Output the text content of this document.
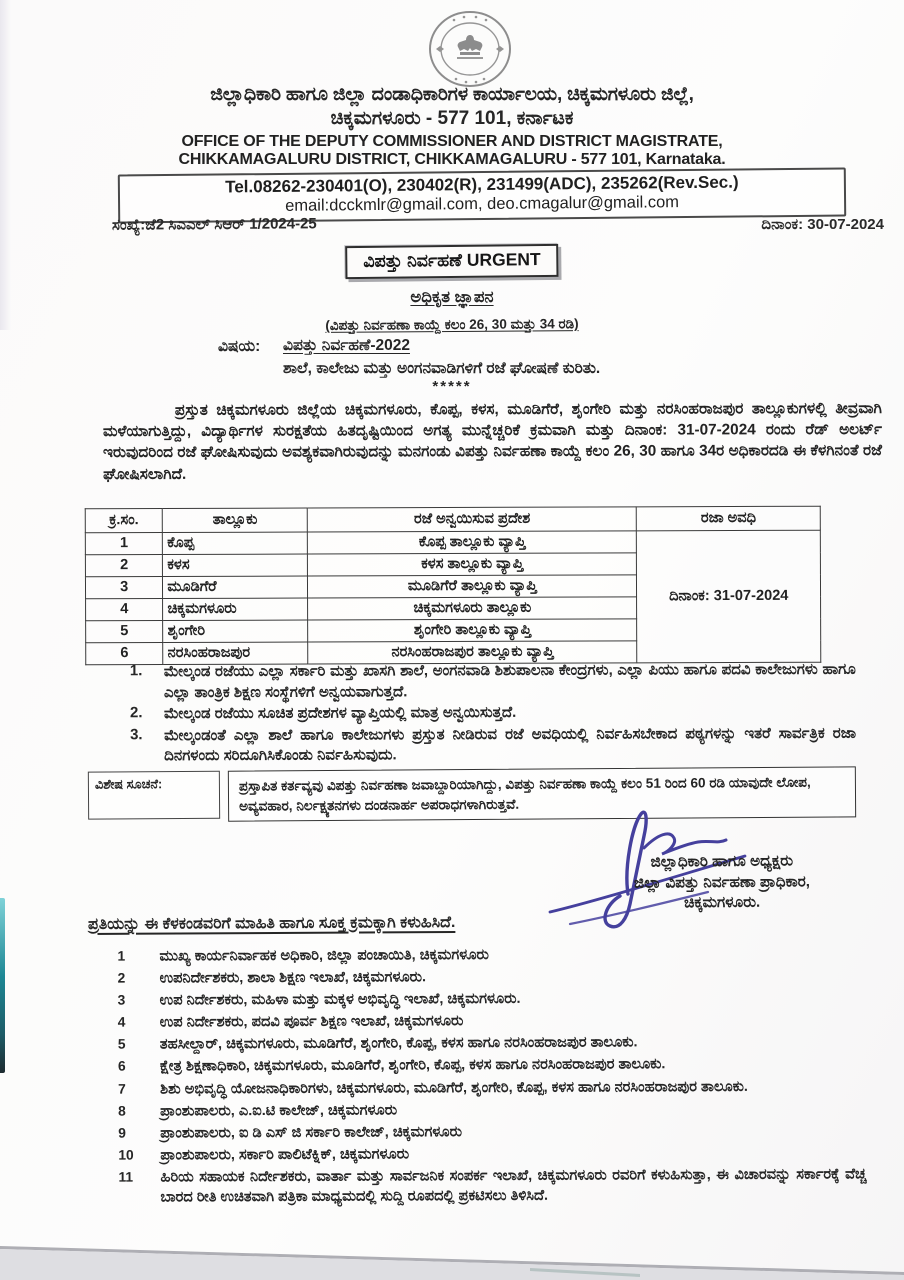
ಜಿಲ್ಲಾಧಿಕಾರಿ ಹಾಗೂ ಜಿಲ್ಲಾ ದಂಡಾಧಿಕಾರಿಗಳ ಕಾರ್ಯಾಲಯ, ಚಿಕ್ಕಮಗಳೂರು ಜಿಲ್ಲೆ,
ಚಿಕ್ಕಮಗಳೂರು - 577 101, ಕರ್ನಾಟಕ
OFFICE OF THE DEPUTY COMMISSIONER AND DISTRICT MAGISTRATE,
CHIKKAMAGALURU DISTRICT, CHIKKAMAGALURU - 577 101, Karnataka.
Tel.08262-230401(O), 230402(R), 231499(ADC), 235262(Rev.Sec.)
email:dcckmlr@gmail.com, deo.cmagalur@gmail.com
ಸಂಖ್ಯೆ:ಜೆ2 ಸಿಎಎಲ್ ಸಿಆರ್ 1/2024-25	ದಿನಾಂಕ: 30-07-2024
ವಿಪತ್ತು ನಿರ್ವಹಣೆ URGENT
ಅಧಿಕೃತ ಜ್ಞಾಪನ
(ವಿಪತ್ತು ನಿರ್ವಹಣಾ ಕಾಯ್ದೆ ಕಲಂ 26, 30 ಮತ್ತು 34 ರಡಿ)
ವಿಷಯ: ವಿಪತ್ತು ನಿರ್ವಹಣೆ-2022
ಶಾಲೆ, ಕಾಲೇಜು ಮತ್ತು ಅಂಗನವಾಡಿಗಳಿಗೆ ರಜೆ ಘೋಷಣೆ ಕುರಿತು.
*****
ಪ್ರಸ್ತುತ ಚಿಕ್ಕಮಗಳೂರು ಜಿಲ್ಲೆಯ ಚಿಕ್ಕಮಗಳೂರು, ಕೊಪ್ಪ, ಕಳಸ, ಮೂಡಿಗೆರೆ, ಶೃಂಗೇರಿ ಮತ್ತು ನರಸಿಂಹರಾಜಪುರ ತಾಲ್ಲೂಕುಗಳಲ್ಲಿ ತೀವ್ರವಾಗಿ ಮಳೆಯಾಗುತ್ತಿದ್ದು, ವಿದ್ಯಾರ್ಥಿಗಳ ಸುರಕ್ಷತೆಯ ಹಿತದೃಷ್ಟಿಯಿಂದ ಅಗತ್ಯ ಮುನ್ನೆಚ್ಚರಿಕೆ ಕ್ರಮವಾಗಿ ಮತ್ತು ದಿನಾಂಕ: 31-07-2024 ರಂದು ರೆಡ್ ಅಲರ್ಟ್ ಇರುವುದರಿಂದ ರಜೆ ಘೋಷಿಸುವುದು ಅವಶ್ಯಕವಾಗಿರುವುದನ್ನು ಮನಗಂಡು ವಿಪತ್ತು ನಿರ್ವಹಣಾ ಕಾಯ್ದೆ ಕಲಂ 26, 30 ಹಾಗೂ 34ರ ಅಧಿಕಾರದಡಿ ಈ ಕೆಳಗಿನಂತೆ ರಜೆ ಘೋಷಿಸಲಾಗಿದೆ.
ಕ್ರ.ಸಂ.	ತಾಲ್ಲೂಕು	ರಜೆ ಅನ್ವಯಿಸುವ ಪ್ರದೇಶ	ರಜಾ ಅವಧಿ
1	ಕೊಪ್ಪ	ಕೊಪ್ಪ ತಾಲ್ಲೂಕು ವ್ಯಾಪ್ತಿ	ದಿನಾಂಕ: 31-07-2024
2	ಕಳಸ	ಕಳಸ ತಾಲ್ಲೂಕು ವ್ಯಾಪ್ತಿ	
3	ಮೂಡಿಗೆರೆ	ಮೂಡಿಗೆರೆ ತಾಲ್ಲೂಕು ವ್ಯಾಪ್ತಿ	
4	ಚಿಕ್ಕಮಗಳೂರು	ಚಿಕ್ಕಮಗಳೂರು ತಾಲ್ಲೂಕು	
5	ಶೃಂಗೇರಿ	ಶೃಂಗೇರಿ ತಾಲ್ಲೂಕು ವ್ಯಾಪ್ತಿ	
6	ನರಸಿಂಹರಾಜಪುರ	ನರಸಿಂಹರಾಜಪುರ ತಾಲ್ಲೂಕು ವ್ಯಾಪ್ತಿ	
1.	ಮೇಲ್ಕಂಡ ರಜೆಯು ಎಲ್ಲಾ ಸರ್ಕಾರಿ ಮತ್ತು ಖಾಸಗಿ ಶಾಲೆ, ಅಂಗನವಾಡಿ ಶಿಶುಪಾಲನಾ ಕೇಂದ್ರಗಳು, ಎಲ್ಲಾ ಪಿಯು ಹಾಗೂ ಪದವಿ ಕಾಲೇಜುಗಳು ಹಾಗೂ ಎಲ್ಲಾ ತಾಂತ್ರಿಕ ಶಿಕ್ಷಣ ಸಂಸ್ಥೆಗಳಿಗೆ ಅನ್ವಯವಾಗುತ್ತದೆ.
2.	ಮೇಲ್ಕಂಡ ರಜೆಯು ಸೂಚಿತ ಪ್ರದೇಶಗಳ ವ್ಯಾಪ್ತಿಯಲ್ಲಿ ಮಾತ್ರ ಅನ್ವಯಿಸುತ್ತದೆ.
3.	ಮೇಲ್ಕಂಡಂತೆ ಎಲ್ಲಾ ಶಾಲೆ ಹಾಗೂ ಕಾಲೇಜುಗಳು ಪ್ರಸ್ತುತ ನೀಡಿರುವ ರಜೆ ಅವಧಿಯಲ್ಲಿ ನಿರ್ವಹಿಸಬೇಕಾದ ಪಠ್ಯಗಳನ್ನು ಇತರೆ ಸಾರ್ವತ್ರಿಕ ರಜಾ ದಿನಗಳಂದು ಸರಿದೂಗಿಸಿಕೊಂಡು ನಿರ್ವಹಿಸುವುದು.
ವಿಶೇಷ ಸೂಚನೆ:	ಪ್ರಸ್ತಾಪಿತ ಕರ್ತವ್ಯವು ವಿಪತ್ತು ನಿರ್ವಹಣಾ ಜವಾಬ್ದಾರಿಯಾಗಿದ್ದು, ವಿಪತ್ತು ನಿರ್ವಹಣಾ ಕಾಯ್ದೆ ಕಲಂ 51 ರಿಂದ 60 ರಡಿ ಯಾವುದೇ ಲೋಪ, ಅವ್ಯವಹಾರ, ನಿರ್ಲಕ್ಷ್ಯತನಗಳು ದಂಡನಾರ್ಹ ಅಪರಾಧಗಳಾಗಿರುತ್ತವೆ.
ಜಿಲ್ಲಾಧಿಕಾರಿ ಹಾಗೂ ಅಧ್ಯಕ್ಷರು
ಜಿಲ್ಲಾ ವಿಪತ್ತು ನಿರ್ವಹಣಾ ಪ್ರಾಧಿಕಾರ,
ಚಿಕ್ಕಮಗಳೂರು.
ಪ್ರತಿಯನ್ನು ಈ ಕೆಳಕಂಡವರಿಗೆ ಮಾಹಿತಿ ಹಾಗೂ ಸೂಕ್ತ ಕ್ರಮಕ್ಕಾಗಿ ಕಳುಹಿಸಿದೆ.
1	ಮುಖ್ಯ ಕಾರ್ಯನಿರ್ವಾಹಕ ಅಧಿಕಾರಿ, ಜಿಲ್ಲಾ ಪಂಚಾಯಿತಿ, ಚಿಕ್ಕಮಗಳೂರು
2	ಉಪನಿರ್ದೇಶಕರು, ಶಾಲಾ ಶಿಕ್ಷಣ ಇಲಾಖೆ, ಚಿಕ್ಕಮಗಳೂರು.
3	ಉಪ ನಿರ್ದೇಶಕರು, ಮಹಿಳಾ ಮತ್ತು ಮಕ್ಕಳ ಅಭಿವೃದ್ಧಿ ಇಲಾಖೆ, ಚಿಕ್ಕಮಗಳೂರು.
4	ಉಪ ನಿರ್ದೇಶಕರು, ಪದವಿ ಪೂರ್ವ ಶಿಕ್ಷಣ ಇಲಾಖೆ, ಚಿಕ್ಕಮಗಳೂರು
5	ತಹಸೀಲ್ದಾರ್, ಚಿಕ್ಕಮಗಳೂರು, ಮೂಡಿಗೆರೆ, ಶೃಂಗೇರಿ, ಕೊಪ್ಪ, ಕಳಸ ಹಾಗೂ ನರಸಿಂಹರಾಜಪುರ ತಾಲೂಕು.
6	ಕ್ಷೇತ್ರ ಶಿಕ್ಷಣಾಧಿಕಾರಿ, ಚಿಕ್ಕಮಗಳೂರು, ಮೂಡಿಗೆರೆ, ಶೃಂಗೇರಿ, ಕೊಪ್ಪ, ಕಳಸ ಹಾಗೂ ನರಸಿಂಹರಾಜಪುರ ತಾಲೂಕು.
7	ಶಿಶು ಅಭಿವೃದ್ಧಿ ಯೋಜನಾಧಿಕಾರಿಗಳು, ಚಿಕ್ಕಮಗಳೂರು, ಮೂಡಿಗೆರೆ, ಶೃಂಗೇರಿ, ಕೊಪ್ಪ, ಕಳಸ ಹಾಗೂ ನರಸಿಂಹರಾಜಪುರ ತಾಲೂಕು.
8	ಪ್ರಾಂಶುಪಾಲರು, ಎ.ಐ.ಟಿ ಕಾಲೇಜ್, ಚಿಕ್ಕಮಗಳೂರು
9	ಪ್ರಾಂಶುಪಾಲರು, ಐ ಡಿ ಎಸ್ ಜಿ ಸರ್ಕಾರಿ ಕಾಲೇಜ್, ಚಿಕ್ಕಮಗಳೂರು
10	ಪ್ರಾಂಶುಪಾಲರು, ಸರ್ಕಾರಿ ಪಾಲಿಟೆಕ್ನಿಕ್, ಚಿಕ್ಕಮಗಳೂರು
11	ಹಿರಿಯ ಸಹಾಯಕ ನಿರ್ದೇಶಕರು, ವಾರ್ತಾ ಮತ್ತು ಸಾರ್ವಜನಿಕ ಸಂಪರ್ಕ ಇಲಾಖೆ, ಚಿಕ್ಕಮಗಳೂರು ರವರಿಗೆ ಕಳುಹಿಸುತ್ತಾ, ಈ ವಿಚಾರವನ್ನು ಸರ್ಕಾರಕ್ಕೆ ವೆಚ್ಚ ಬಾರದ ರೀತಿ ಉಚಿತವಾಗಿ ಪತ್ರಿಕಾ ಮಾಧ್ಯಮದಲ್ಲಿ ಸುದ್ದಿ ರೂಪದಲ್ಲಿ ಪ್ರಕಟಿಸಲು ತಿಳಿಸಿದೆ.
